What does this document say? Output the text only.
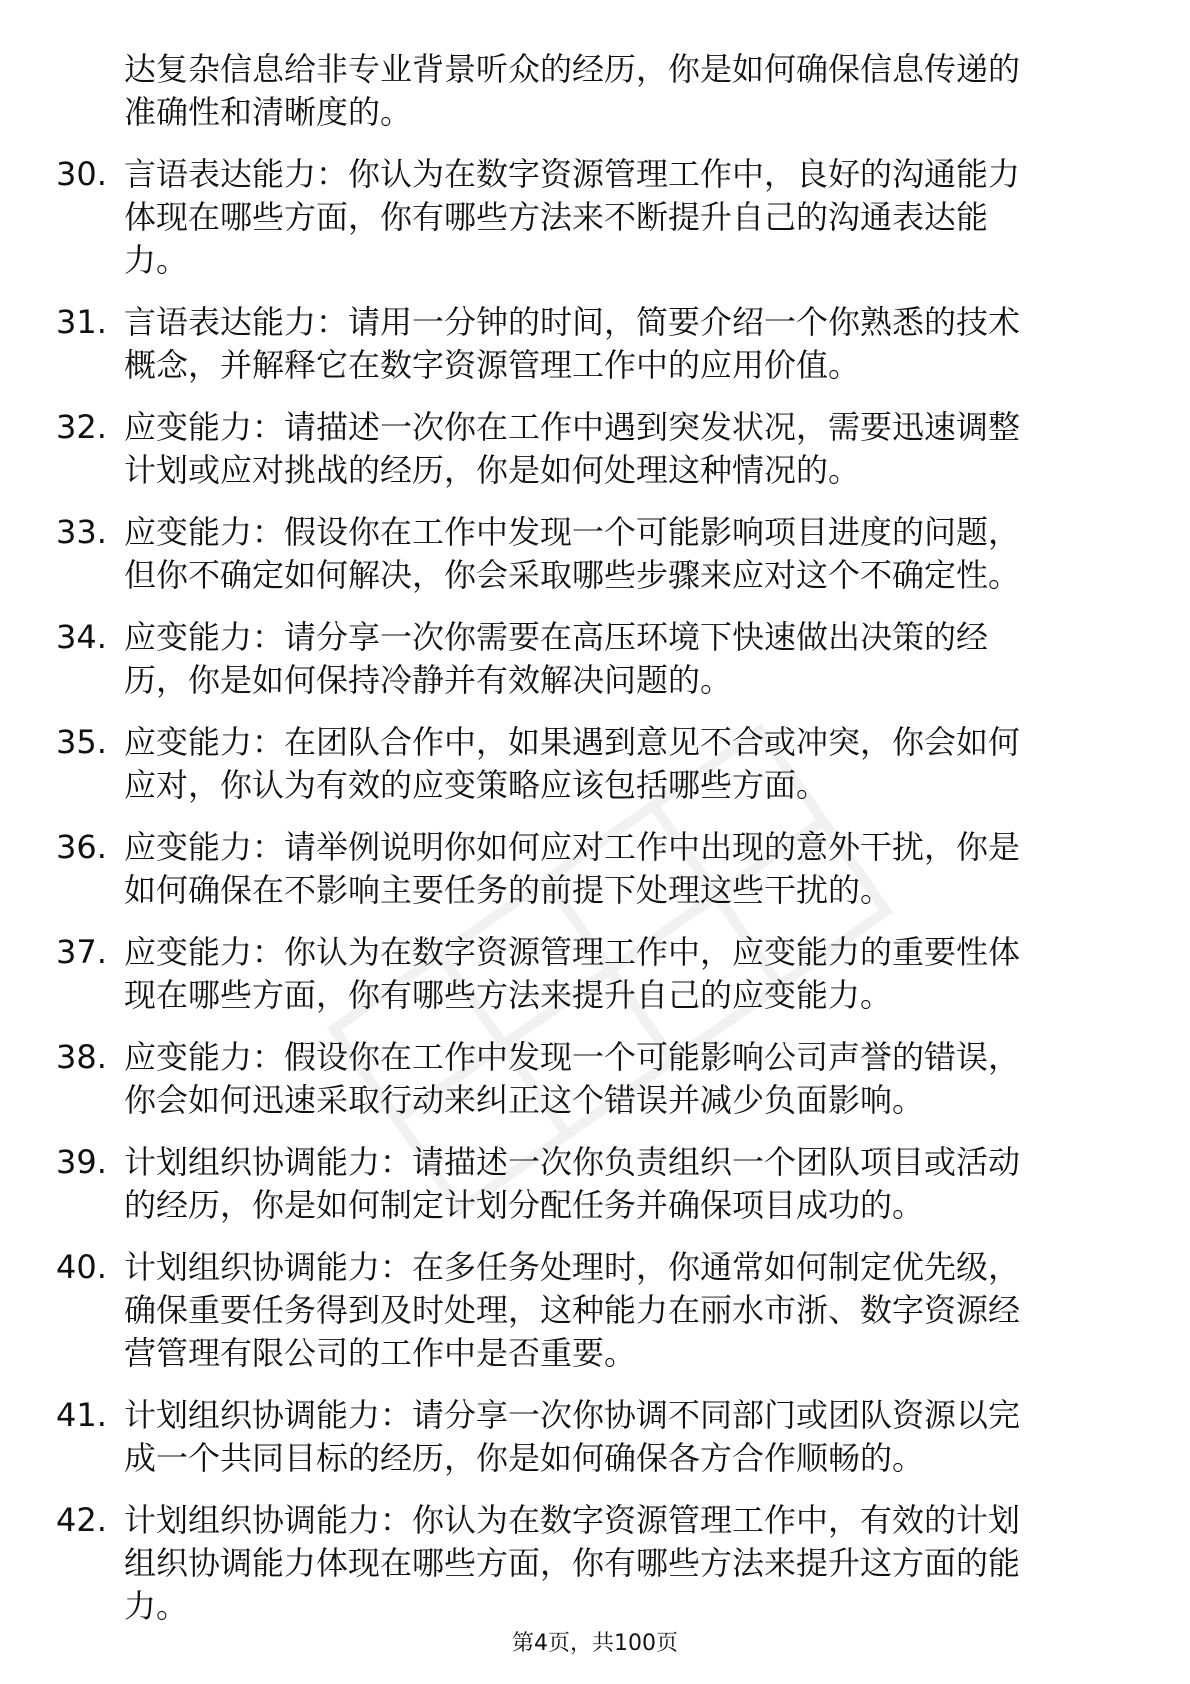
达复杂信息给非专业背景听众的经历，你是如何确保信息传递的
准确性和清晰度的。
30. 言语表达能力：你认为在数字资源管理工作中，良好的沟通能力
体现在哪些方面，你有哪些方法来不断提升自己的沟通表达能
力。
31. 言语表达能力：请用一分钟的时间，简要介绍一个你熟悉的技术
概念，并解释它在数字资源管理工作中的应用价值。
32. 应变能力：请描述一次你在工作中遇到突发状况，需要迅速调整
计划或应对挑战的经历，你是如何处理这种情况的。
33. 应变能力：假设你在工作中发现一个可能影响项目进度的问题，
但你不确定如何解决，你会采取哪些步骤来应对这个不确定性。
34. 应变能力：请分享一次你需要在高压环境下快速做出决策的经
历，你是如何保持冷静并有效解决问题的。
35. 应变能力：在团队合作中，如果遇到意见不合或冲突，你会如何
应对，你认为有效的应变策略应该包括哪些方面。
36. 应变能力：请举例说明你如何应对工作中出现的意外干扰，你是
如何确保在不影响主要任务的前提下处理这些干扰的。
37. 应变能力：你认为在数字资源管理工作中，应变能力的重要性体
现在哪些方面，你有哪些方法来提升自己的应变能力。
38. 应变能力：假设你在工作中发现一个可能影响公司声誉的错误，
你会如何迅速采取行动来纠正这个错误并减少负面影响。
39. 计划组织协调能力：请描述一次你负责组织一个团队项目或活动
的经历，你是如何制定计划分配任务并确保项目成功的。
40. 计划组织协调能力：在多任务处理时，你通常如何制定优先级，
确保重要任务得到及时处理，这种能力在丽水市浙、数字资源经
营管理有限公司的工作中是否重要。
41. 计划组织协调能力：请分享一次你协调不同部门或团队资源以完
成一个共同目标的经历，你是如何确保各方合作顺畅的。
42. 计划组织协调能力：你认为在数字资源管理工作中，有效的计划
组织协调能力体现在哪些方面，你有哪些方法来提升这方面的能
力。
第4页，共100页
